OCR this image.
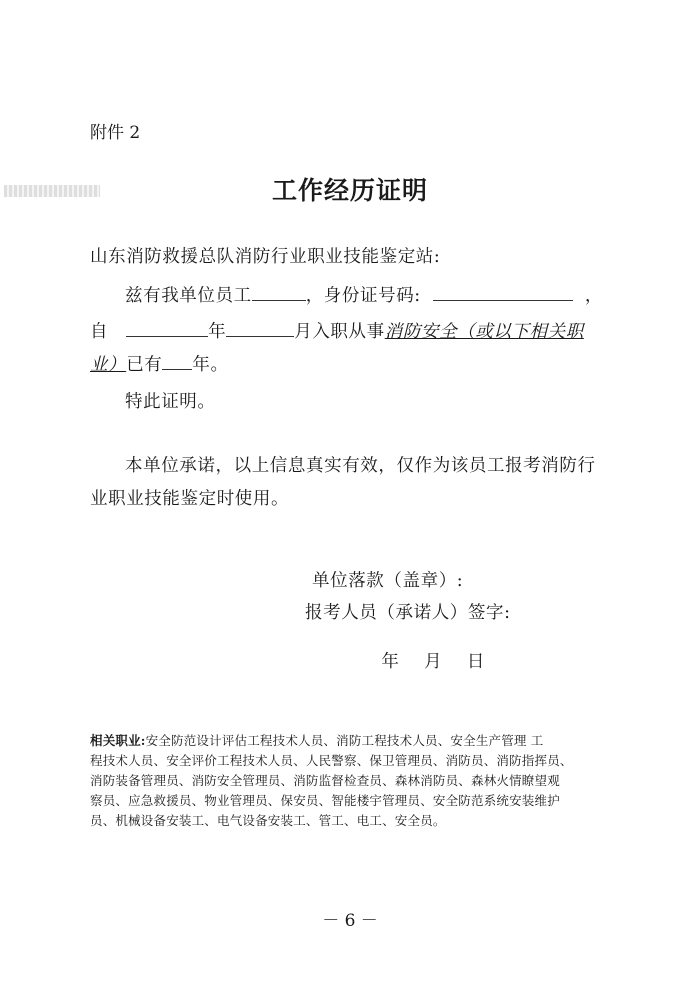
附件 2
工作经历证明
山东消防救援总队消防行业职业技能鉴定站:
兹有我单位员工	，身份证号码:	，
自	年	月入职从事消防安全（或以下相关职
业）已有 年。
特此证明。
本单位承诺，以上信息真实有效，仅作为该员工报考消防行
业职业技能鉴定时使用。
单位落款（盖章）:
报考人员（承诺人）签字:

年    月    日

相关职业:安全防范设计评估工程技术人员、消防工程技术人员、安全生产管理 工
程技术人员、安全评价工程技术人员、人民警察、保卫管理员、消防员、消防指挥员、
消防装备管理员、消防安全管理员、消防监督检查员、森林消防员、森林火情瞭望观
察员、应急救援员、物业管理员、保安员、智能楼宇管理员、安全防范系统安装维护
员、机械设备安装工、电气设备安装工、管工、电工、安全员。
－ 6 －
